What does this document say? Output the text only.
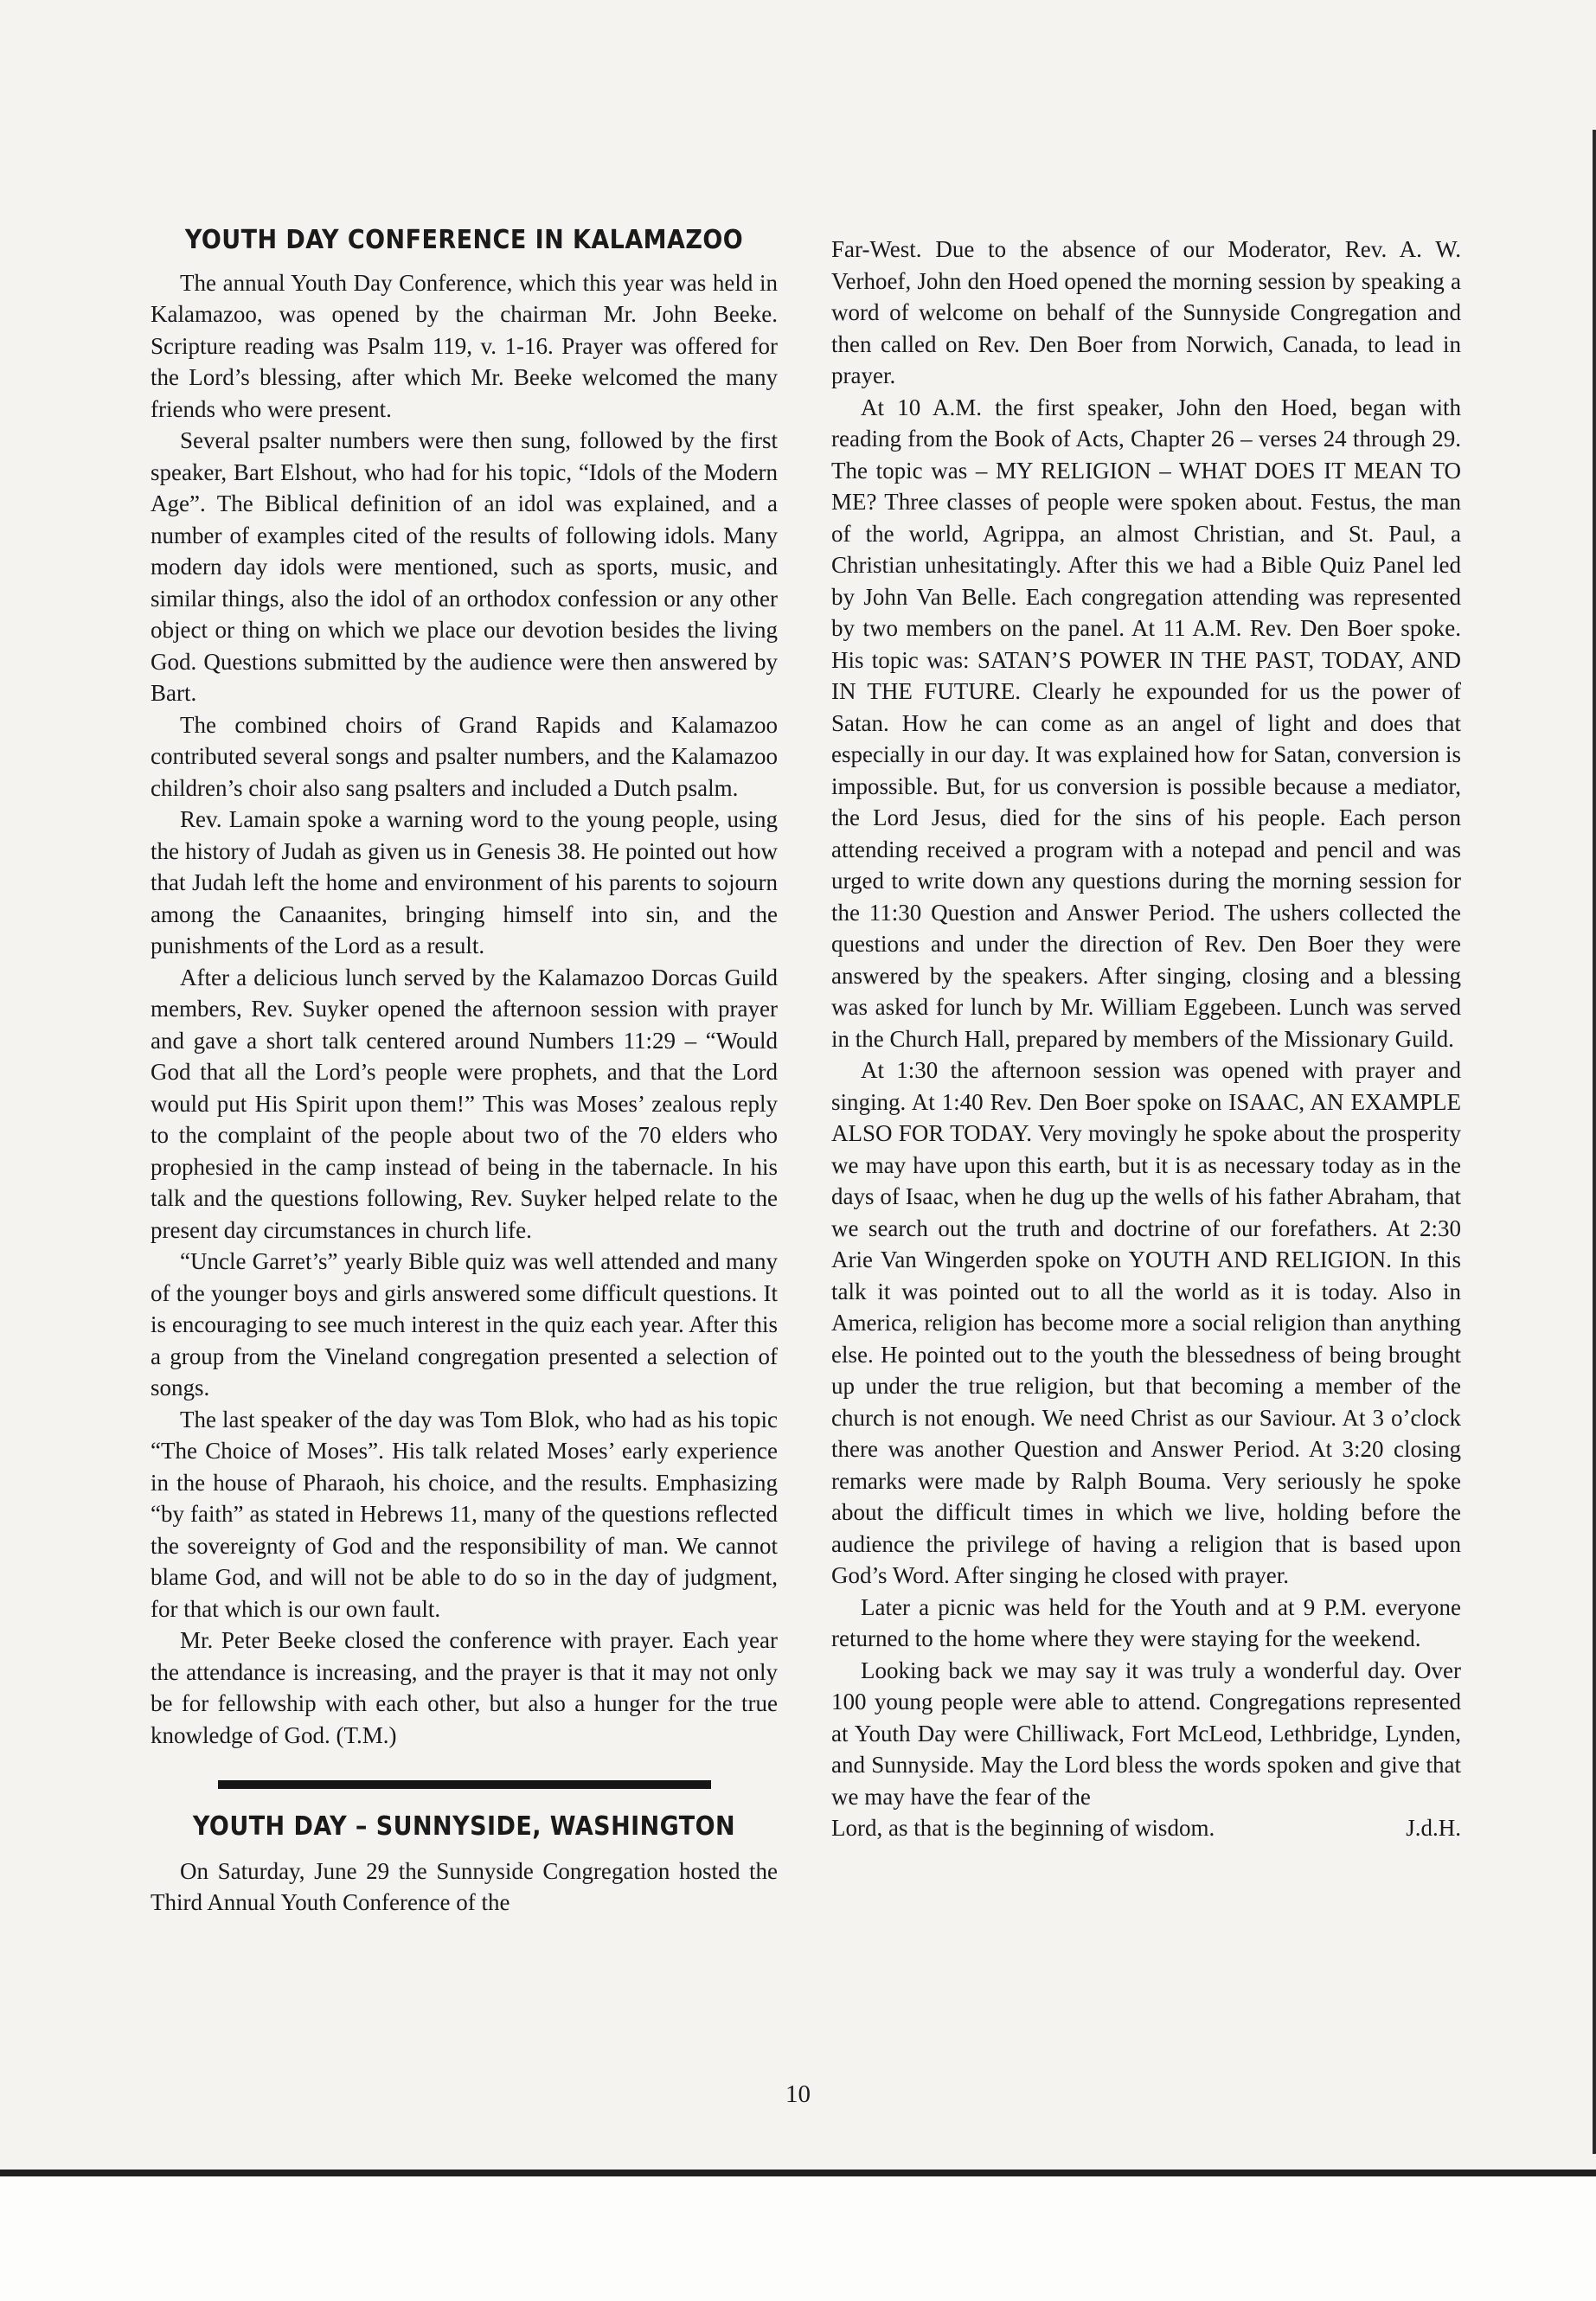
YOUTH DAY CONFERENCE IN KALAMAZOO

The annual Youth Day Conference, which this year was held in Kalamazoo, was opened by the chairman Mr. John Beeke. Scripture reading was Psalm 119, v. 1-16. Prayer was offered for the Lord’s blessing, after which Mr. Beeke welcomed the many friends who were present.

Several psalter numbers were then sung, followed by the first speaker, Bart Elshout, who had for his topic, “Idols of the Modern Age”. The Biblical definition of an idol was explained, and a number of examples cited of the results of following idols. Many modern day idols were mentioned, such as sports, music, and similar things, also the idol of an orthodox confession or any other object or thing on which we place our devotion besides the living God. Questions submitted by the audience were then answered by Bart.

The combined choirs of Grand Rapids and Kalamazoo contributed several songs and psalter numbers, and the Kalamazoo children’s choir also sang psalters and included a Dutch psalm.

Rev. Lamain spoke a warning word to the young people, using the history of Judah as given us in Genesis 38. He pointed out how that Judah left the home and environment of his parents to sojourn among the Canaanites, bringing himself into sin, and the punishments of the Lord as a result.

After a delicious lunch served by the Kalamazoo Dorcas Guild members, Rev. Suyker opened the afternoon session with prayer and gave a short talk centered around Numbers 11:29 – “Would God that all the Lord’s people were prophets, and that the Lord would put His Spirit upon them!” This was Moses’ zealous reply to the complaint of the people about two of the 70 elders who prophesied in the camp instead of being in the tabernacle. In his talk and the questions following, Rev. Suyker helped relate to the present day circumstances in church life.

“Uncle Garret’s” yearly Bible quiz was well attended and many of the younger boys and girls answered some difficult questions. It is encouraging to see much interest in the quiz each year. After this a group from the Vineland congregation presented a selection of songs.

The last speaker of the day was Tom Blok, who had as his topic “The Choice of Moses”. His talk related Moses’ early experience in the house of Pharaoh, his choice, and the results. Emphasizing “by faith” as stated in Hebrews 11, many of the questions reflected the sovereignty of God and the responsibility of man. We cannot blame God, and will not be able to do so in the day of judgment, for that which is our own fault.

Mr. Peter Beeke closed the conference with prayer. Each year the attendance is increasing, and the prayer is that it may not only be for fellowship with each other, but also a hunger for the true knowledge of God. (T.M.)

YOUTH DAY – SUNNYSIDE, WASHINGTON

On Saturday, June 29 the Sunnyside Congregation hosted the Third Annual Youth Conference of the

Far-West. Due to the absence of our Moderator, Rev. A. W. Verhoef, John den Hoed opened the morning session by speaking a word of welcome on behalf of the Sunnyside Congregation and then called on Rev. Den Boer from Norwich, Canada, to lead in prayer.

At 10 A.M. the first speaker, John den Hoed, began with reading from the Book of Acts, Chapter 26 – verses 24 through 29. The topic was – MY RELIGION – WHAT DOES IT MEAN TO ME? Three classes of people were spoken about. Festus, the man of the world, Agrippa, an almost Christian, and St. Paul, a Christian unhesitatingly. After this we had a Bible Quiz Panel led by John Van Belle. Each congregation attending was represented by two members on the panel. At 11 A.M. Rev. Den Boer spoke. His topic was: SATAN’S POWER IN THE PAST, TODAY, AND IN THE FUTURE. Clearly he expounded for us the power of Satan. How he can come as an angel of light and does that especially in our day. It was explained how for Satan, conversion is impossible. But, for us conversion is possible because a mediator, the Lord Jesus, died for the sins of his people. Each person attending received a program with a notepad and pencil and was urged to write down any questions during the morning session for the 11:30 Question and Answer Period. The ushers collected the questions and under the direction of Rev. Den Boer they were answered by the speakers. After singing, closing and a blessing was asked for lunch by Mr. William Eggebeen. Lunch was served in the Church Hall, prepared by members of the Missionary Guild.

At 1:30 the afternoon session was opened with prayer and singing. At 1:40 Rev. Den Boer spoke on ISAAC, AN EXAMPLE ALSO FOR TODAY. Very movingly he spoke about the prosperity we may have upon this earth, but it is as necessary today as in the days of Isaac, when he dug up the wells of his father Abraham, that we search out the truth and doctrine of our forefathers. At 2:30 Arie Van Wingerden spoke on YOUTH AND RELIGION. In this talk it was pointed out to all the world as it is today. Also in America, religion has become more a social religion than anything else. He pointed out to the youth the blessedness of being brought up under the true religion, but that becoming a member of the church is not enough. We need Christ as our Saviour. At 3 o’clock there was another Question and Answer Period. At 3:20 closing remarks were made by Ralph Bouma. Very seriously he spoke about the difficult times in which we live, holding before the audience the privilege of having a religion that is based upon God’s Word. After singing he closed with prayer.

Later a picnic was held for the Youth and at 9 P.M. everyone returned to the home where they were staying for the weekend.

Looking back we may say it was truly a wonderful day. Over 100 young people were able to attend. Congregations represented at Youth Day were Chilliwack, Fort McLeod, Lethbridge, Lynden, and Sunnyside. May the Lord bless the words spoken and give that we may have the fear of the

Lord, as that is the beginning of wisdom.	J.d.H.
10
